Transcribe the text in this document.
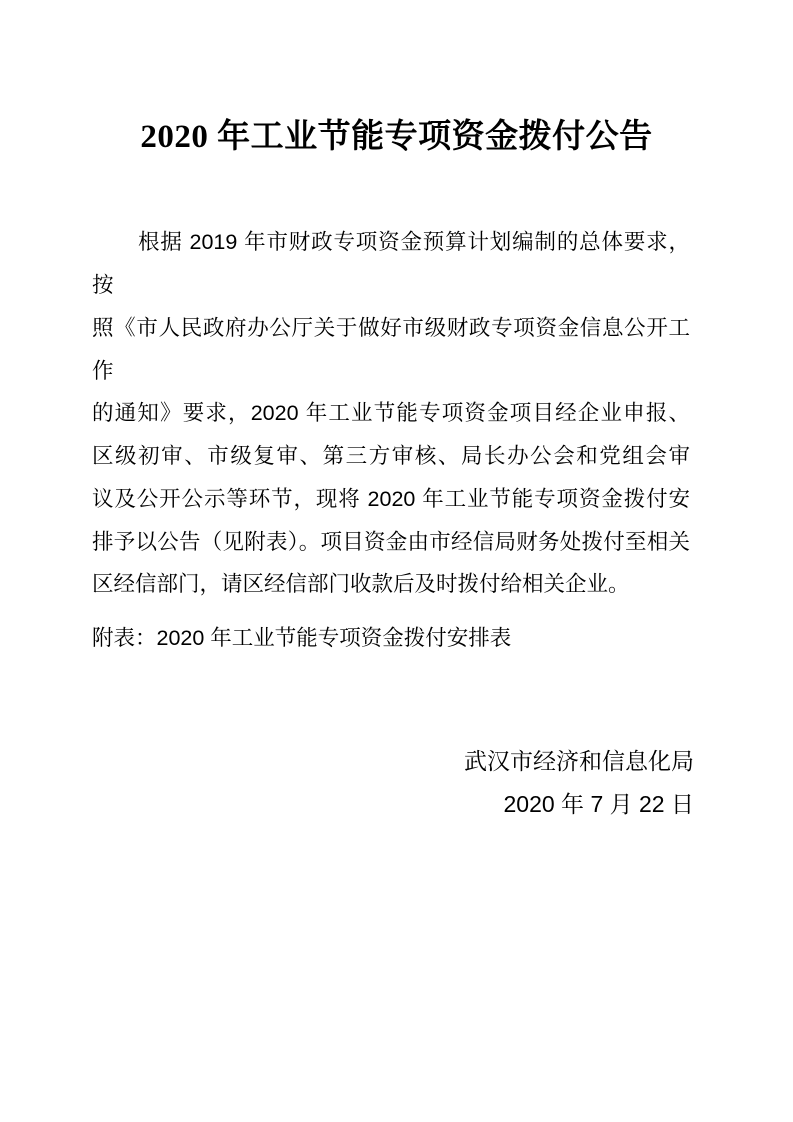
2020 年工业节能专项资金拨付公告
根据 2019 年市财政专项资金预算计划编制的总体要求，按
照《市人民政府办公厅关于做好市级财政专项资金信息公开工作
的通知》要求，2020 年工业节能专项资金项目经企业申报、
区级初审、市级复审、第三方审核、局长办公会和党组会审
议及公开公示等环节，现将 2020 年工业节能专项资金拨付安
排予以公告（见附表）。项目资金由市经信局财务处拨付至相关
区经信部门，请区经信部门收款后及时拨付给相关企业。
附表：2020 年工业节能专项资金拨付安排表
武汉市经济和信息化局
2020 年 7 月 22 日
